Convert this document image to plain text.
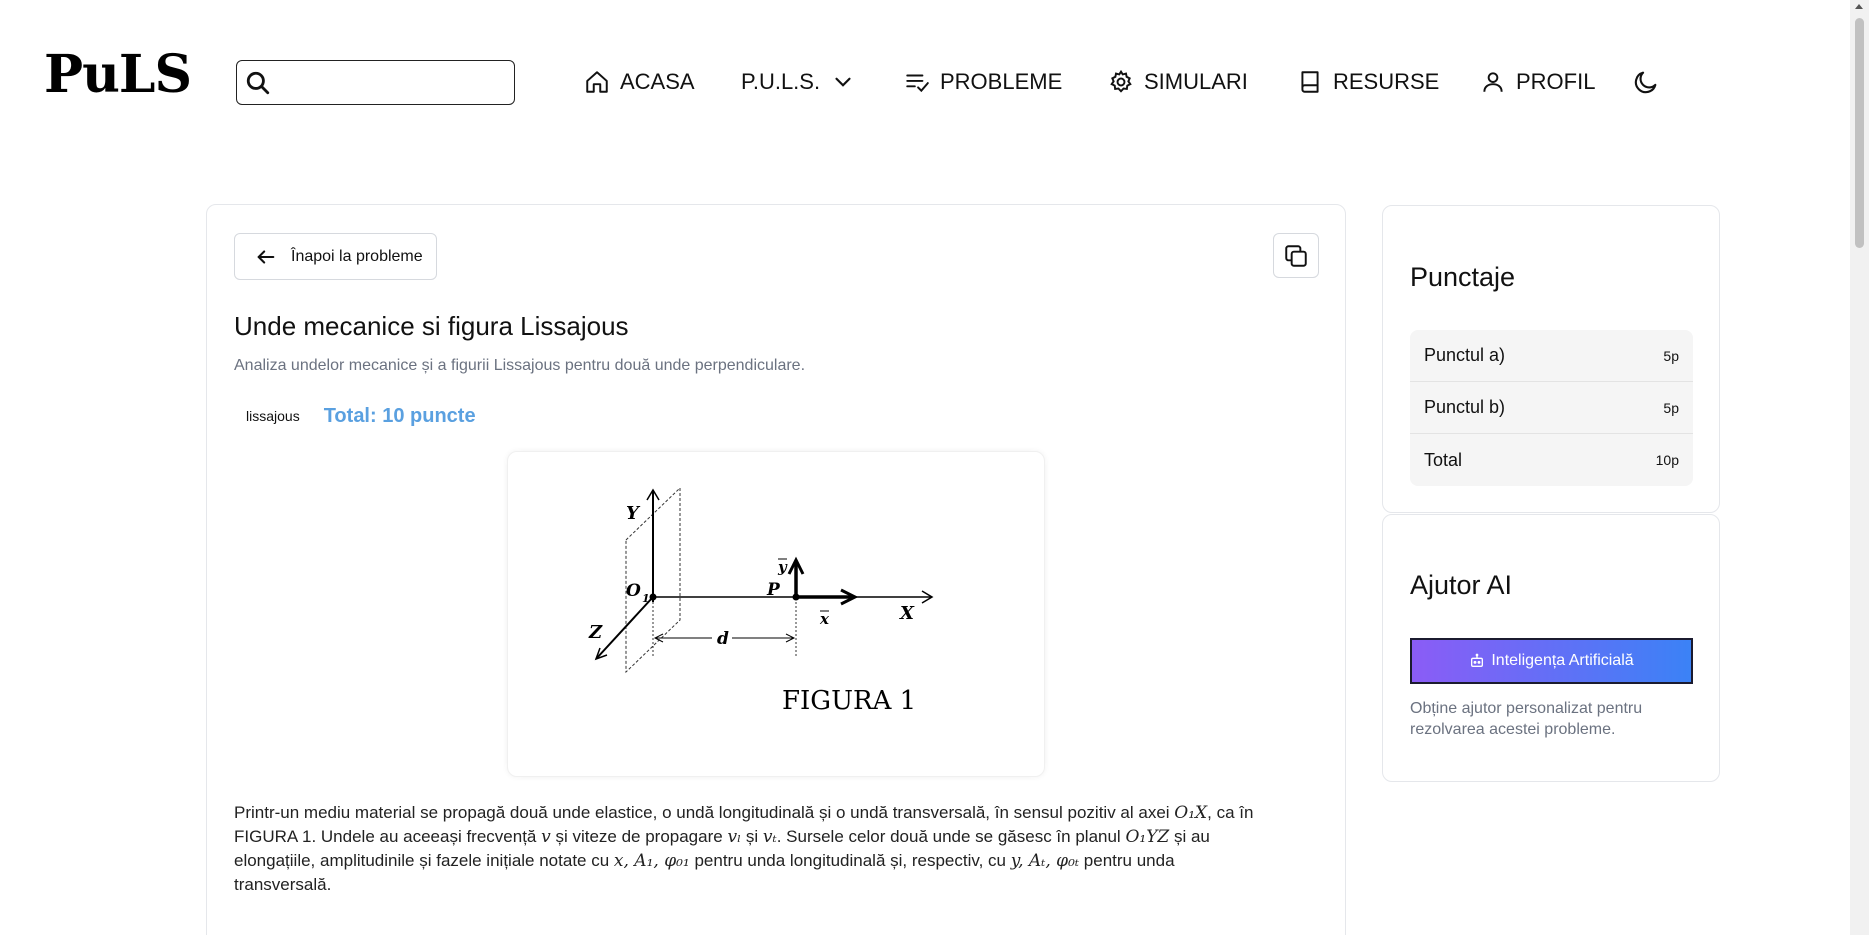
PuLS	ACASA P.U.L.S.	PROBLEME	SIMULARI	RESURSE	PROFIL
Înapoi la probleme
Unde mecanice si figura Lissajous
Analiza undelor mecanice și a figurii Lissajous pentru două unde perpendiculare.
lissajous	Total: 10 puncte
Y
Z
X
O 1	P
y
x
d
FIGURA 1
Printr-un mediu material se propagă două unde elastice, o undă longitudinală și o undă transversală, în sensul pozitiv al axei O₁X, ca în
FIGURA 1. Undele au aceeași frecvență v și viteze de propagare vₗ și vₜ. Sursele celor două unde se găsesc în planul O₁YZ și au
elongațiile, amplitudinile și fazele inițiale notate cu x, A₁, φ₀₁ pentru unda longitudinală și, respectiv, cu y, Aₜ, φ₀ₜ pentru unda
transversală.
Punctaje
Punctul a)	5p
Punctul b)	5p
Total	10p
Ajutor AI
Inteligența Artificială
Obține ajutor personalizat pentru rezolvarea acestei probleme.
